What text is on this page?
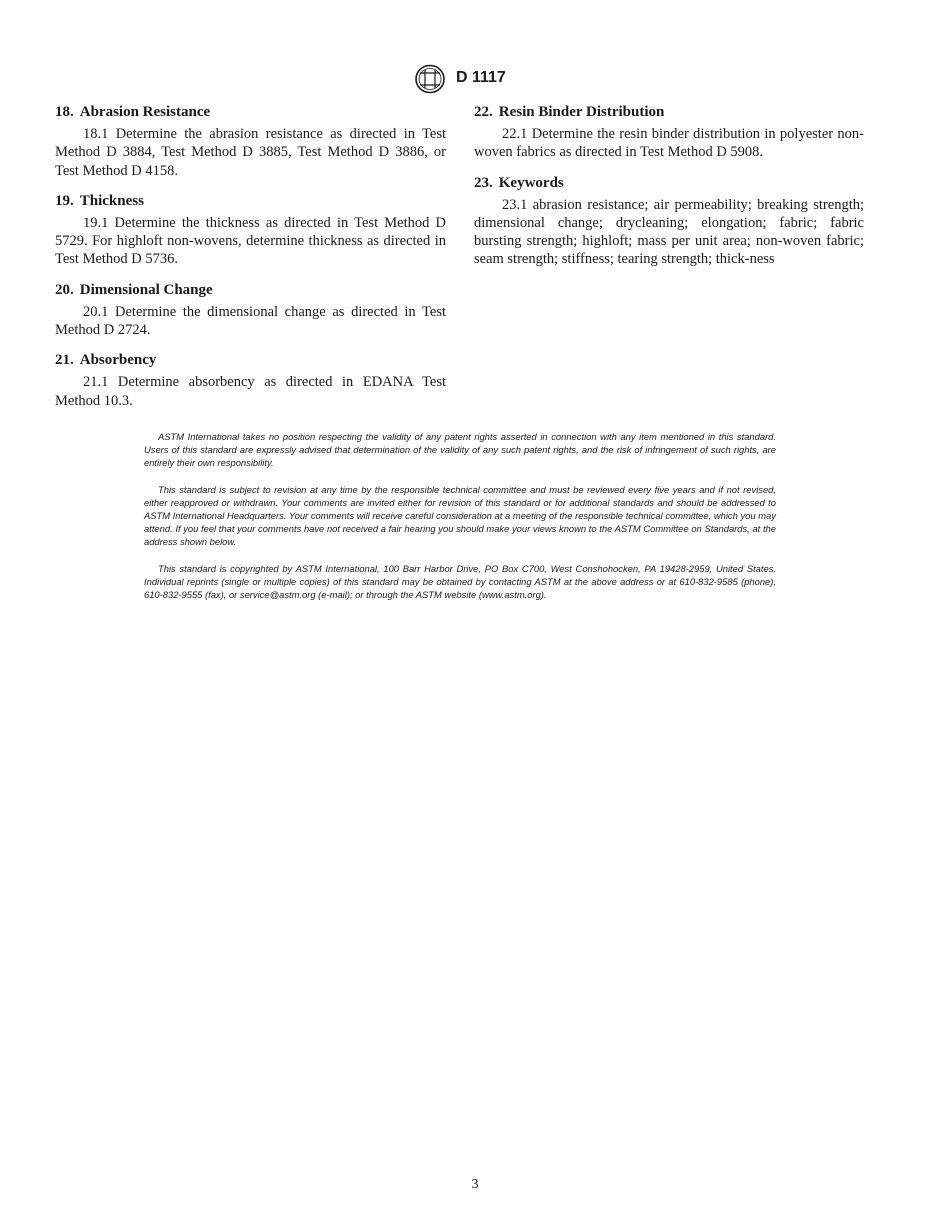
D 1117
18. Abrasion Resistance

18.1 Determine the abrasion resistance as directed in Test Method D 3884, Test Method D 3885, Test Method D 3886, or Test Method D 4158.

19. Thickness

19.1 Determine the thickness as directed in Test Method D 5729. For highloft non-wovens, determine thickness as directed in Test Method D 5736.

20. Dimensional Change

20.1 Determine the dimensional change as directed in Test Method D 2724.

21. Absorbency

21.1 Determine absorbency as directed in EDANA Test Method 10.3.

22. Resin Binder Distribution

22.1 Determine the resin binder distribution in polyester non-woven fabrics as directed in Test Method D 5908.

23. Keywords

23.1 abrasion resistance; air permeability; breaking strength; dimensional change; drycleaning; elongation; fabric; fabric bursting strength; highloft; mass per unit area; non-woven fabric; seam strength; stiffness; tearing strength; thick-ness

ASTM International takes no position respecting the validity of any patent rights asserted in connection with any item mentioned in this standard. Users of this standard are expressly advised that determination of the validity of any such patent rights, and the risk of infringement of such rights, are entirely their own responsibility.

This standard is subject to revision at any time by the responsible technical committee and must be reviewed every five years and if not revised, either reapproved or withdrawn. Your comments are invited either for revision of this standard or for additional standards and should be addressed to ASTM International Headquarters. Your comments will receive careful consideration at a meeting of the responsible technical committee, which you may attend. If you feel that your comments have not received a fair hearing you should make your views known to the ASTM Committee on Standards, at the address shown below.

This standard is copyrighted by ASTM International, 100 Barr Harbor Drive, PO Box C700, West Conshohocken, PA 19428-2959, United States. Individual reprints (single or multiple copies) of this standard may be obtained by contacting ASTM at the above address or at 610-832-9585 (phone), 610-832-9555 (fax), or service@astm.org (e-mail); or through the ASTM website (www.astm.org).

3
